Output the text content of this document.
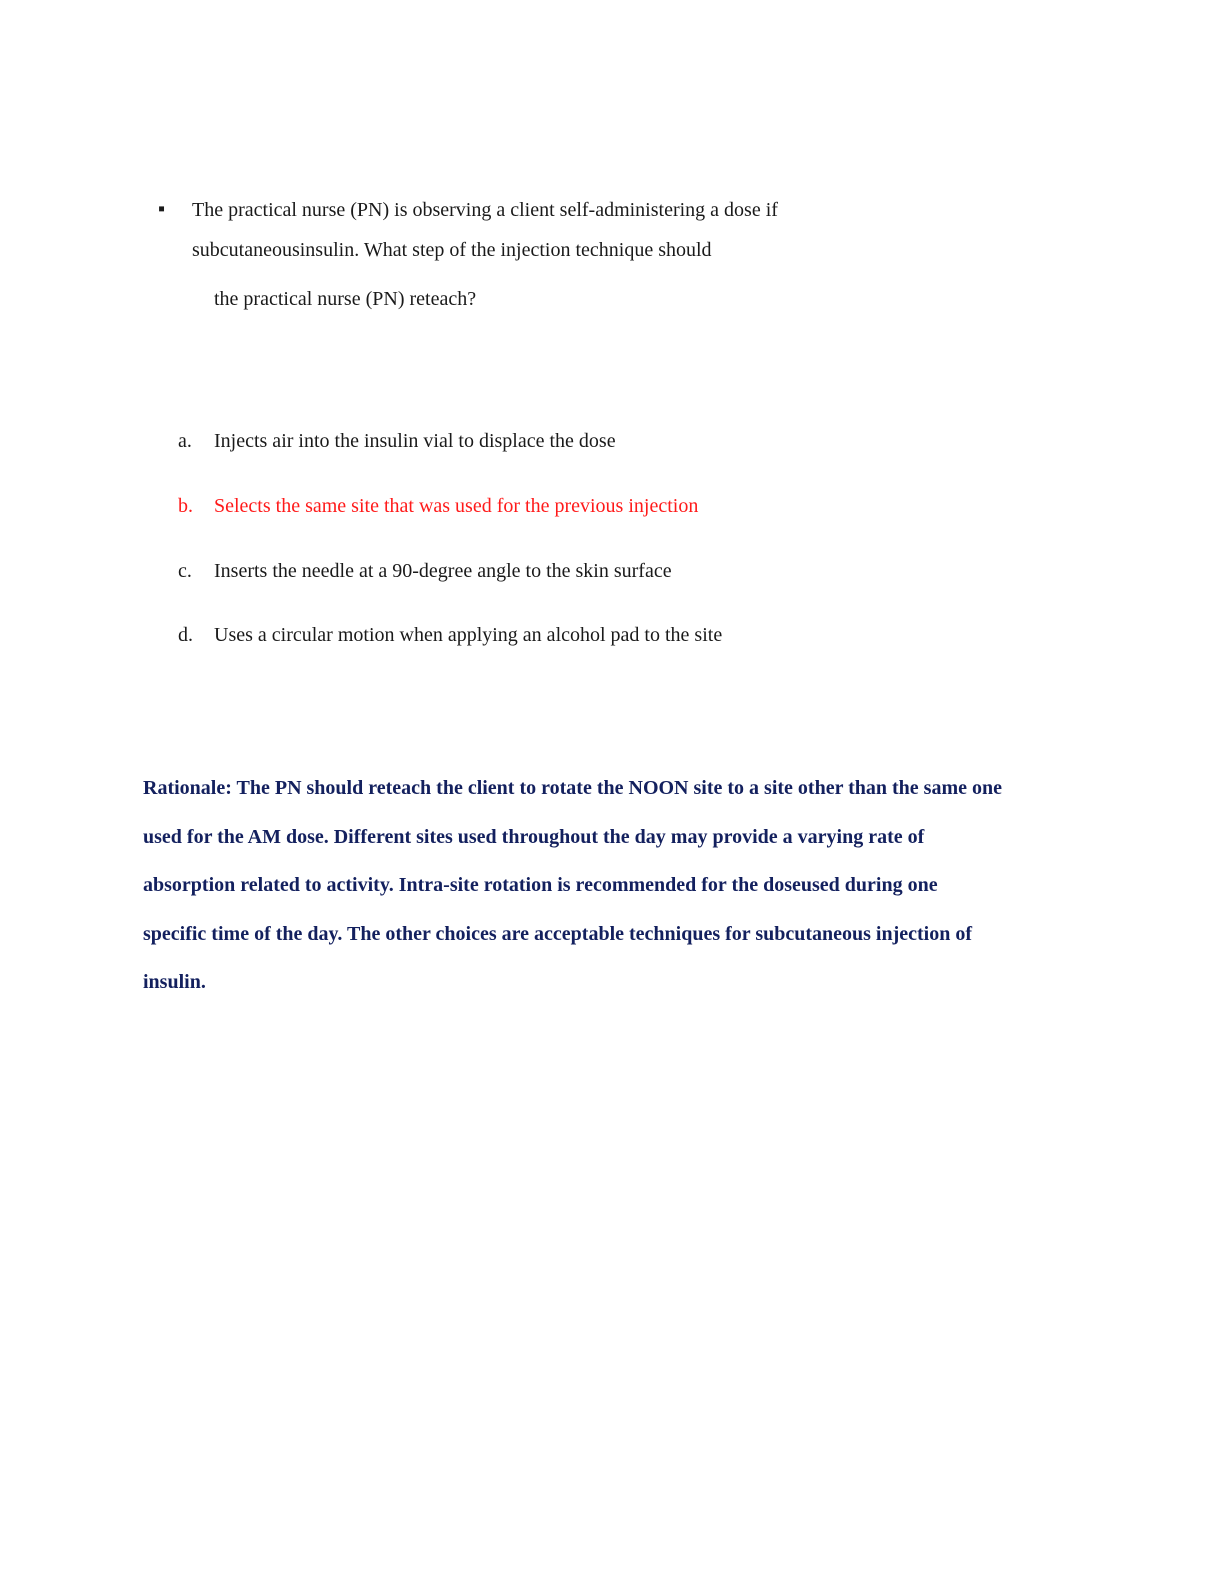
▪ The practical nurse (PN) is observing a client self-administering a dose if
subcutaneousinsulin. What step of the injection technique should
the practical nurse (PN) reteach?
a. Injects air into the insulin vial to displace the dose
b. Selects the same site that was used for the previous injection
c. Inserts the needle at a 90-degree angle to the skin surface
d. Uses a circular motion when applying an alcohol pad to the site
Rationale: The PN should reteach the client to rotate the NOON site to a site other than the same one
used for the AM dose. Different sites used throughout the day may provide a varying rate of
absorption related to activity. Intra-site rotation is recommended for the doseused during one
specific time of the day. The other choices are acceptable techniques for subcutaneous injection of
insulin.
